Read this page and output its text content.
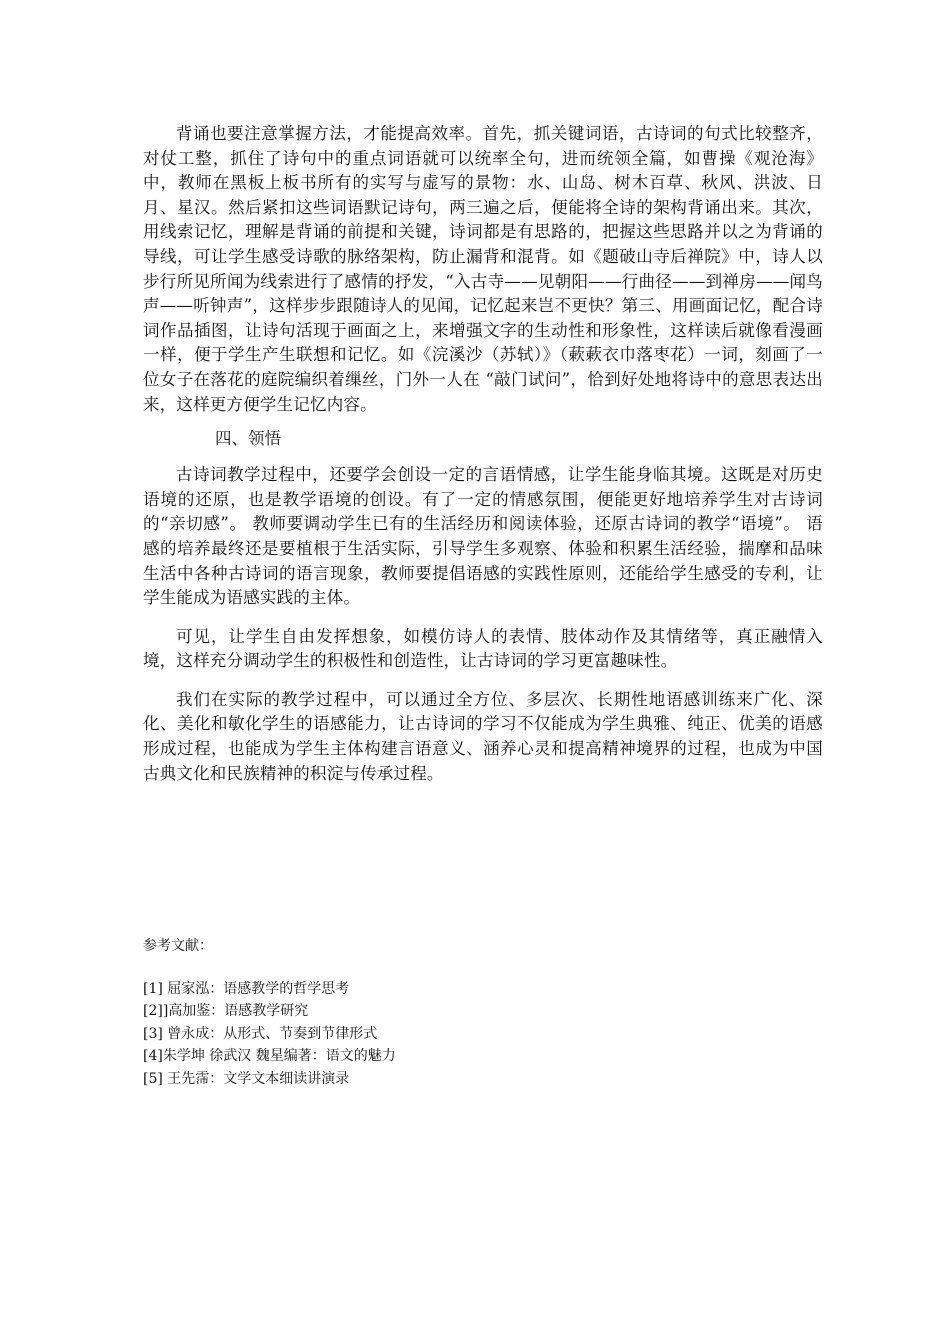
背诵也要注意掌握方法，才能提高效率。首先，抓关键词语，古诗词的句式比较整齐，对仗工整，抓住了诗句中的重点词语就可以统率全句，进而统领全篇，如曹操《观沧海》中，教师在黑板上板书所有的实写与虚写的景物：水、山岛、树木百草、秋风、洪波、日月、星汉。然后紧扣这些词语默记诗句，两三遍之后，便能将全诗的架构背诵出来。其次，用线索记忆，理解是背诵的前提和关键，诗词都是有思路的，把握这些思路并以之为背诵的导线，可让学生感受诗歌的脉络架构，防止漏背和混背。如《题破山寺后禅院》中，诗人以步行所见所闻为线索进行了感情的抒发，“入古寺——见朝阳——行曲径——到禅房——闻鸟声——听钟声”，这样步步跟随诗人的见闻，记忆起来岂不更快？第三、用画面记忆，配合诗词作品插图，让诗句活现于画面之上，来增强文字的生动性和形象性，这样读后就像看漫画一样，便于学生产生联想和记忆。如《浣溪沙（苏轼）》（蔌蔌衣巾落枣花）一词，刻画了一位女子在落花的庭院编织着缫丝，门外一人在 “敲门试问”，恰到好处地将诗中的意思表达出来，这样更方便学生记忆内容。

四、领悟

古诗词教学过程中，还要学会创设一定的言语情感，让学生能身临其境。这既是对历史语境的还原，也是教学语境的创设。有了一定的情感氛围，便能更好地培养学生对古诗词的“亲切感”。 教师要调动学生已有的生活经历和阅读体验，还原古诗词的教学“语境”。 语感的培养最终还是要植根于生活实际，引导学生多观察、体验和积累生活经验，揣摩和品味生活中各种古诗词的语言现象，教师要提倡语感的实践性原则，还能给学生感受的专利，让学生能成为语感实践的主体。

可见，让学生自由发挥想象，如模仿诗人的表情、肢体动作及其情绪等，真正融情入境，这样充分调动学生的积极性和创造性，让古诗词的学习更富趣味性。

我们在实际的教学过程中，可以通过全方位、多层次、长期性地语感训练来广化、深化、美化和敏化学生的语感能力，让古诗词的学习不仅能成为学生典雅、纯正、优美的语感形成过程，也能成为学生主体构建言语意义、涵养心灵和提高精神境界的过程，也成为中国古典文化和民族精神的积淀与传承过程。

参考文献：

[1] 屈家泓：语感教学的哲学思考

[2]]高加鉴：语感教学研究

[3] 曾永成：从形式、节奏到节律形式

[4]朱学坤 徐武汉 魏星编著：语文的魅力

[5] 王先霈：文学文本细读讲演录
